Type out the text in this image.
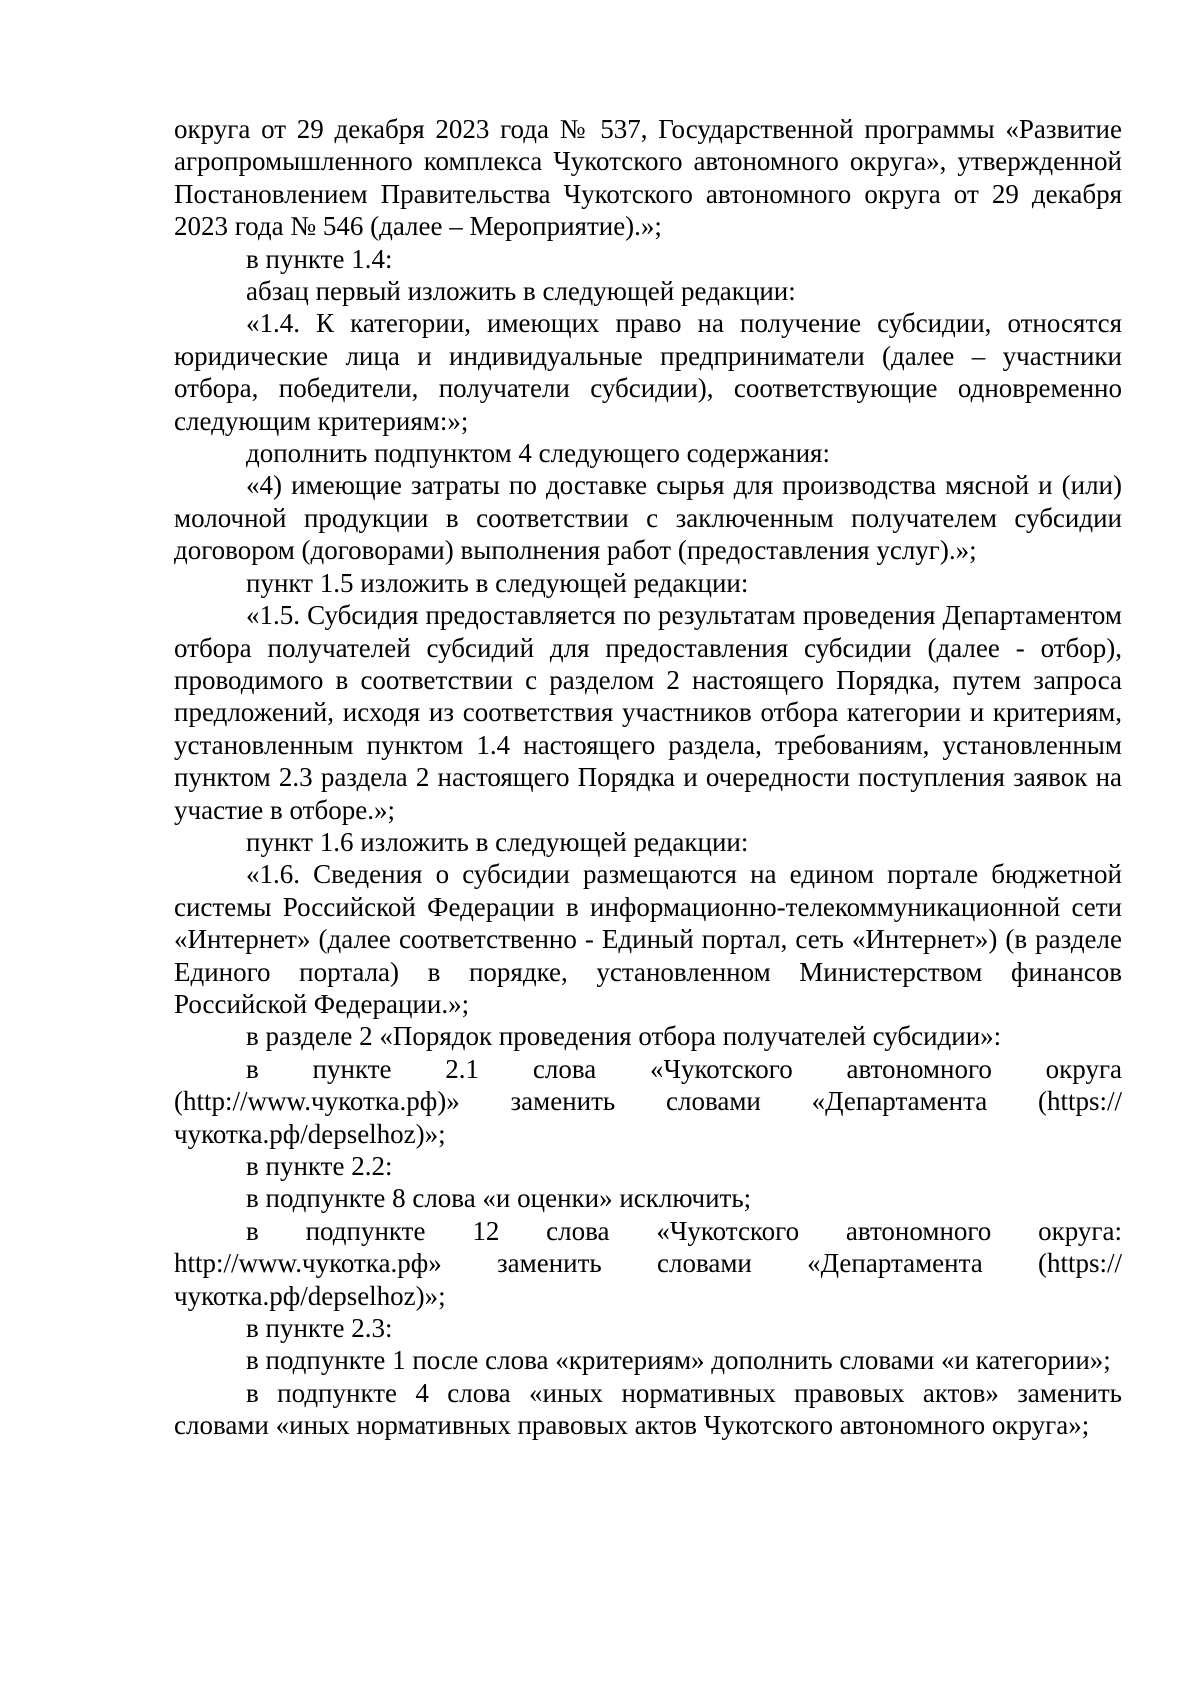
округа от 29 декабря 2023 года № 537, Государственной программы «Развитие агропромышленного комплекса Чукотского автономного округа», утвержденной Постановлением Правительства Чукотского автономного округа от 29 декабря 2023 года № 546 (далее – Мероприятие).»;

в пункте 1.4:

абзац первый изложить в следующей редакции:

«1.4. К категории, имеющих право на получение субсидии, относятся юридические лица и индивидуальные предприниматели (далее – участники отбора, победители, получатели субсидии), соответствующие одновременно следующим критериям:»;

дополнить подпунктом 4 следующего содержания:

«4) имеющие затраты по доставке сырья для производства мясной и (или) молочной продукции в соответствии с заключенным получателем субсидии договором (договорами) выполнения работ (предоставления услуг).»;

пункт 1.5 изложить в следующей редакции:

«1.5. Субсидия предоставляется по результатам проведения Департаментом отбора получателей субсидий для предоставления субсидии (далее - отбор), проводимого в соответствии с разделом 2 настоящего Порядка, путем запроса предложений, исходя из соответствия участников отбора категории и критериям, установленным пунктом 1.4 настоящего раздела, требованиям, установленным пунктом 2.3 раздела 2 настоящего Порядка и очередности поступления заявок на участие в отборе.»;

пункт 1.6 изложить в следующей редакции:

«1.6. Сведения о субсидии размещаются на едином портале бюджетной системы Российской Федерации в информационно-телекоммуникационной сети «Интернет» (далее соответственно - Единый портал, сеть «Интернет») (в разделе Единого портала) в порядке, установленном Министерством финансов Российской Федерации.»;

в разделе 2 «Порядок проведения отбора получателей субсидии»:

в пункте 2.1 слова «Чукотского автономного округа (http://www.чукотка.рф)» заменить словами «Департамента (https://чукотка.рф/depselhoz)»;

в пункте 2.2:

в подпункте 8 слова «и оценки» исключить;

в подпункте 12 слова «Чукотского автономного округа: http://www.чукотка.рф» заменить словами «Департамента (https://чукотка.рф/depselhoz)»;

в пункте 2.3:

в подпункте 1 после слова «критериям» дополнить словами «и категории»;

в подпункте 4 слова «иных нормативных правовых актов» заменить словами «иных нормативных правовых актов Чукотского автономного округа»;
